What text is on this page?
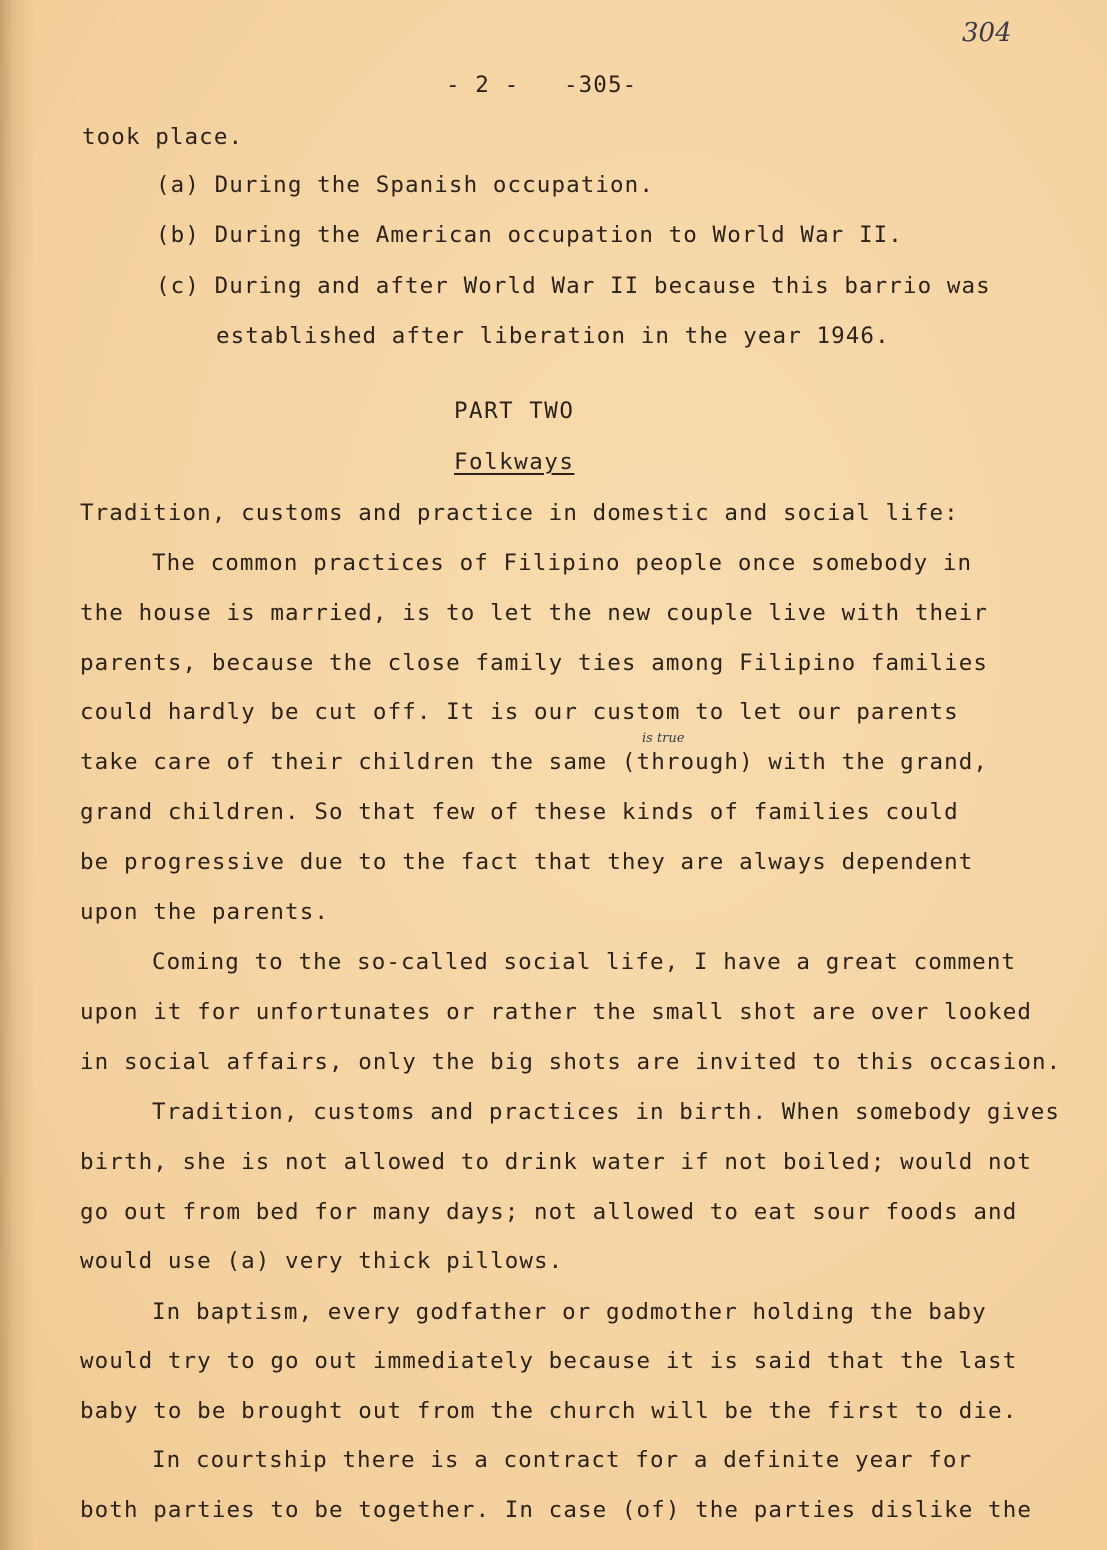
304
- 2 - -305-
took place.
(a) During the Spanish occupation.
(b) During the American occupation to World War II.
(c) During and after World War II because this barrio was
established after liberation in the year 1946.
PART TWO
Folkways
Tradition, customs and practice in domestic and social life:
The common practices of Filipino people once somebody in
the house is married, is to let the new couple live with their
parents, because the close family ties among Filipino families
could hardly be cut off. It is our custom to let our parents
is true
take care of their children the same (through) with the grand,
grand children. So that few of these kinds of families could
be progressive due to the fact that they are always dependent
upon the parents.
Coming to the so-called social life, I have a great comment
upon it for unfortunates or rather the small shot are over looked
in social affairs, only the big shots are invited to this occasion.
Tradition, customs and practices in birth. When somebody gives
birth, she is not allowed to drink water if not boiled; would not
go out from bed for many days; not allowed to eat sour foods and
would use (a) very thick pillows.
In baptism, every godfather or godmother holding the baby
would try to go out immediately because it is said that the last
baby to be brought out from the church will be the first to die.
In courtship there is a contract for a definite year for
both parties to be together. In case (of) the parties dislike the
